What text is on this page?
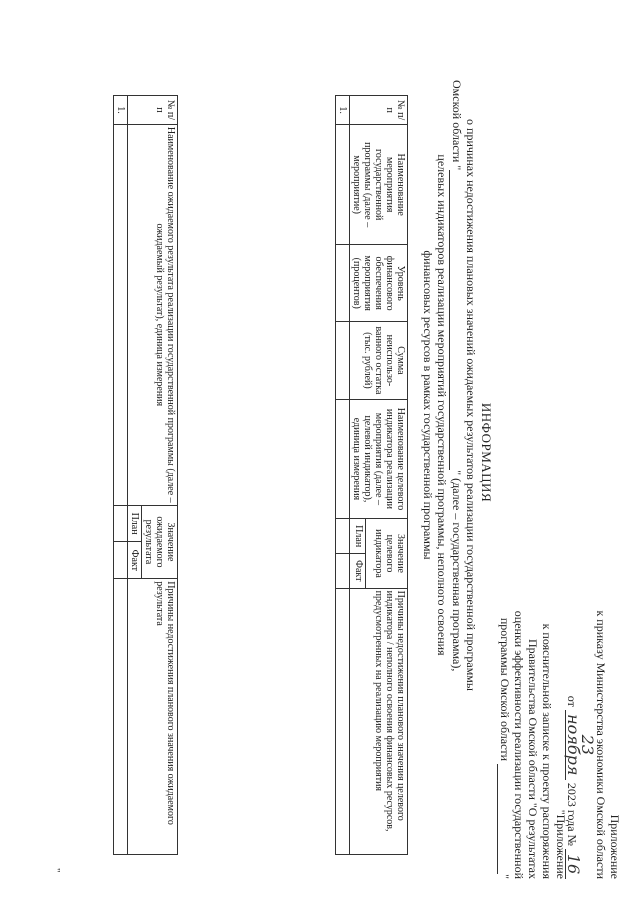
Приложение
к приказу Министерства экономики Омской области
от 23 ноября 2023 года № 16
"Приложение
к пояснительной записке к проекту распоряжения
Правительства Омской области "О результатах
оценки эффективности реализации государственной
программы Омской области  "
ИНФОРМАЦИЯ
о причинах недостижения плановых значений ожидаемых результатов реализации государственной программы
Омской области " " (далее – государственная программа),
целевых индикаторов реализации мероприятий государственной программы, неполного освоения
финансовых ресурсов в рамках государственной программы
№ п/п	Наименование мероприятия государственной программы (далее – мероприятие)	Уровень финансового обеспечения мероприятия (процентов)	Сумма неиспользо-ванного остатка (тыс. рублей)	Наименование целевого индикатора реализации мероприятия (далее – целевой индикатор), единица измерения	Значение целевого индикатора		Причины недостижения планового значения целевого индикатора / неполного освоения финансовых ресурсов, предусмотренных на реализацию мероприятия
					План	Факт	
1.							
№ п/п	Наименование ожидаемого результата реализации государственной программы (далее – ожидаемый результат), единица измерения	Значение ожидаемого результата		Причины недостижения планового значения ожидаемого результата
		План	Факт	
1.				
"
